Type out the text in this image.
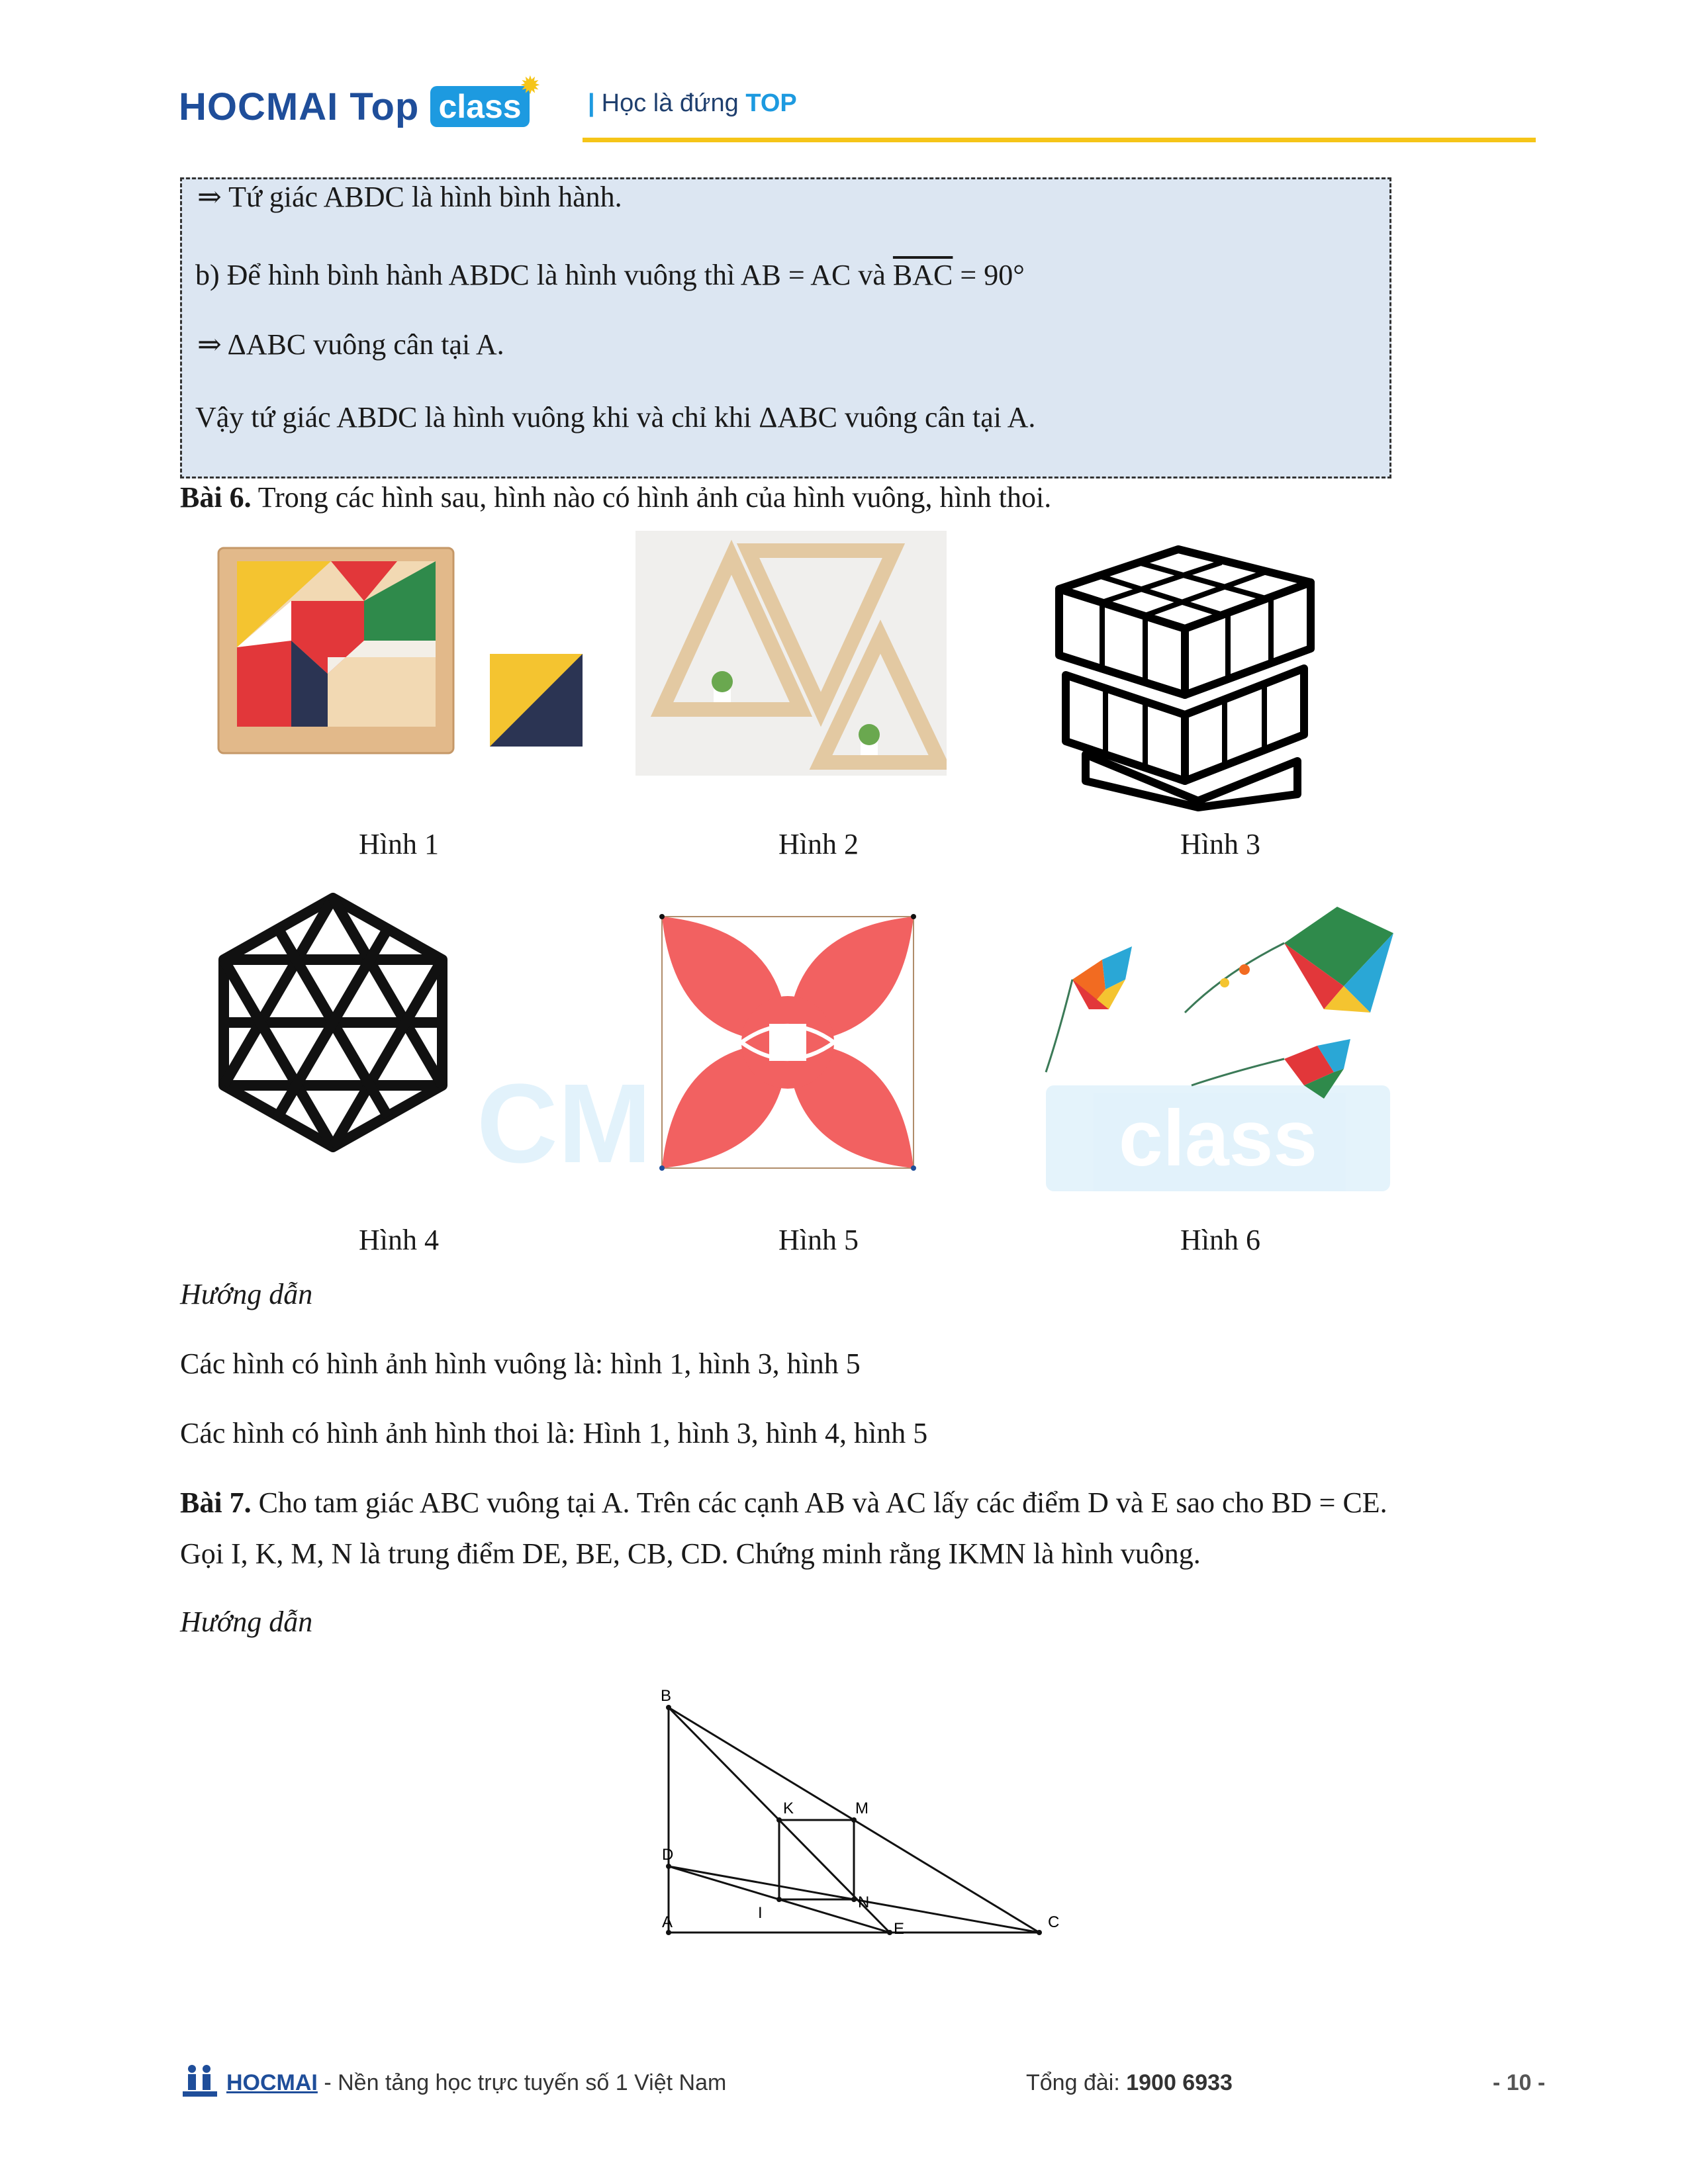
HOCMAI Top class
✹
| Học là đứng TOP
⇒ Tứ giác ABDC là hình bình hành.
b) Để hình bình hành ABDC là hình vuông thì AB = AC và $\overline{BAC} = 90^\circ$
⇒ ΔABC vuông cân tại A.
Vậy tứ giác ABDC là hình vuông khi và chỉ khi ΔABC vuông cân tại A.
Bài 6. Trong các hình sau, hình nào có hình ảnh của hình vuông, hình thoi.
CM	class
Hình 1	Hình 2	Hình 3
Hình 4	Hình 5	Hình 6
Hướng dẫn
Các hình có hình ảnh hình vuông là: hình 1, hình 3, hình 5
Các hình có hình ảnh hình thoi là: Hình 1, hình 3, hình 4, hình 5
Bài 7. Cho tam giác ABC vuông tại A. Trên các cạnh AB và AC lấy các điểm D và E sao cho BD = CE.
Gọi I, K, M, N là trung điểm DE, BE, CB, CD. Chứng minh rằng IKMN là hình vuông.
Hướng dẫn
B
K	M
D
N
I
A	E	C
HOCMAI - Nền tảng học trực tuyến số 1 Việt Nam	Tổng đài: 1900 6933	- 10 -
